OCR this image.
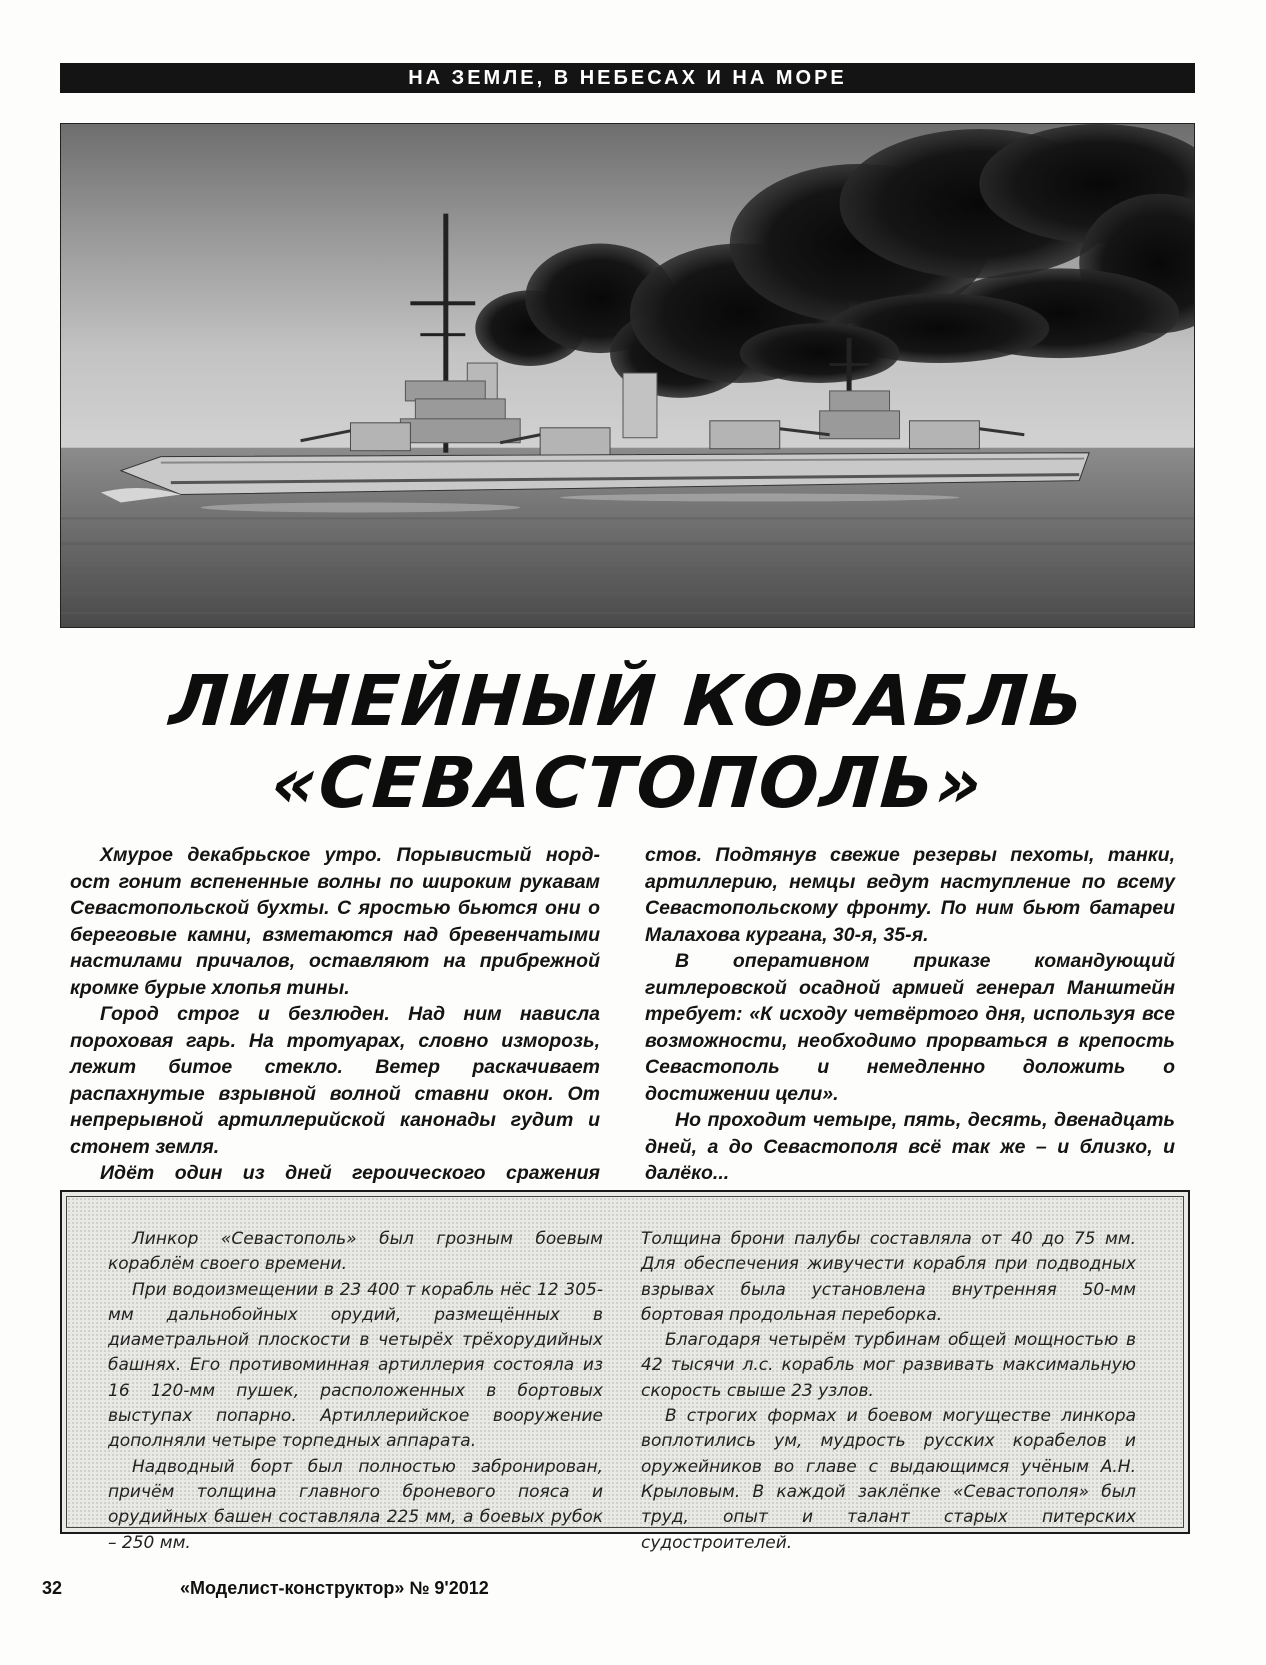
НА ЗЕМЛЕ, В НЕБЕСАХ И НА МОРЕ
ЛИНЕЙНЫЙ КОРАБЛЬ
«СЕВАСТОПОЛЬ»

Хмурое декабрьское утро. Порывистый норд-ост гонит вспененные волны по широким рукавам Севастопольской бухты. С яростью бьются они о береговые камни, взметаются над бревенчатыми настилами причалов, оставляют на прибрежной кромке бурые хлопья тины.

Город строг и безлюден. Над ним нависла пороховая гарь. На тротуарах, словно изморозь, лежит битое стекло. Ветер раскачивает распахнутые взрывной волной ставни окон. От непрерывной артиллерийской канонады гудит и стонет земля.

Идёт один из дней героического сражения

стов. Подтянув свежие резервы пехоты, танки, артиллерию, немцы ведут наступление по всему Севастопольскому фронту. По ним бьют батареи Малахова кургана, 30-я, 35-я.

В оперативном приказе командующий гитлеровской осадной армией генерал Манштейн требует: «К исходу четвёртого дня, используя все возможности, необходимо прорваться в крепость Севастополь и немедленно доложить о достижении цели».

Но проходит четыре, пять, десять, двенадцать дней, а до Севастополя всё так же – и близко, и далёко...

Линкор «Севастополь» был грозным боевым кораблём своего времени.

При водоизмещении в 23 400 т корабль нёс 12 305-мм дальнобойных орудий, размещённых в диаметральной плоскости в четырёх трёхорудийных башнях. Его противоминная артиллерия состояла из 16 120-мм пушек, расположенных в бортовых выступах попарно. Артиллерийское вооружение дополняли четыре торпедных аппарата.

Надводный борт был полностью забронирован, причём толщина главного броневого пояса и орудийных башен составляла 225 мм, а боевых рубок – 250 мм.

Толщина брони палубы составляла от 40 до 75 мм. Для обеспечения живучести корабля при подводных взрывах была установлена внутренняя 50-мм бортовая продольная переборка.

Благодаря четырём турбинам общей мощностью в 42 тысячи л.с. корабль мог развивать максимальную скорость свыше 23 узлов.

В строгих формах и боевом могуществе линкора воплотились ум, мудрость русских корабелов и оружейников во главе с выдающимся учёным А.Н. Крыловым. В каждой заклёпке «Севастополя» был труд, опыт и талант старых питерских судостроителей.

32	«Моделист-конструктор» № 9'2012
